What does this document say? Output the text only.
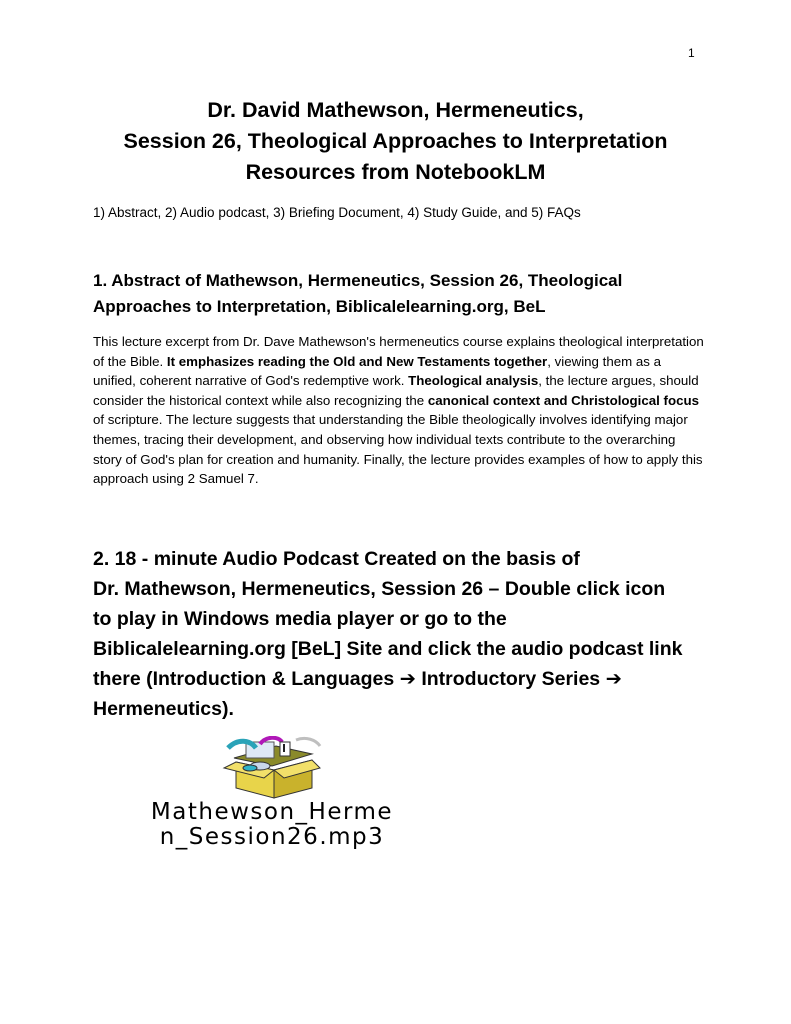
1
Dr. David Mathewson, Hermeneutics,
Session 26, Theological Approaches to Interpretation
Resources from NotebookLM
1) Abstract, 2) Audio podcast, 3) Briefing Document, 4) Study Guide, and 5) FAQs
1. Abstract of Mathewson, Hermeneutics, Session 26, Theological
Approaches to Interpretation, Biblicalelearning.org, BeL
This lecture excerpt from Dr. Dave Mathewson's hermeneutics course explains theological interpretation of the Bible. It emphasizes reading the Old and New Testaments together, viewing them as a unified, coherent narrative of God's redemptive work. Theological analysis, the lecture argues, should consider the historical context while also recognizing the canonical context and Christological focus of scripture. The lecture suggests that understanding the Bible theologically involves identifying major themes, tracing their development, and observing how individual texts contribute to the overarching story of God's plan for creation and humanity. Finally, the lecture provides examples of how to apply this approach using 2 Samuel 7.
2. 18 - minute Audio Podcast Created on the basis of
Dr. Mathewson, Hermeneutics, Session 26 – Double click icon
to play in Windows media player or go to the
Biblicalelearning.org [BeL] Site and click the audio podcast link
there (Introduction & Languages ➔ Introductory Series ➔
Hermeneutics).
Mathewson_Herme
n_Session26.mp3
